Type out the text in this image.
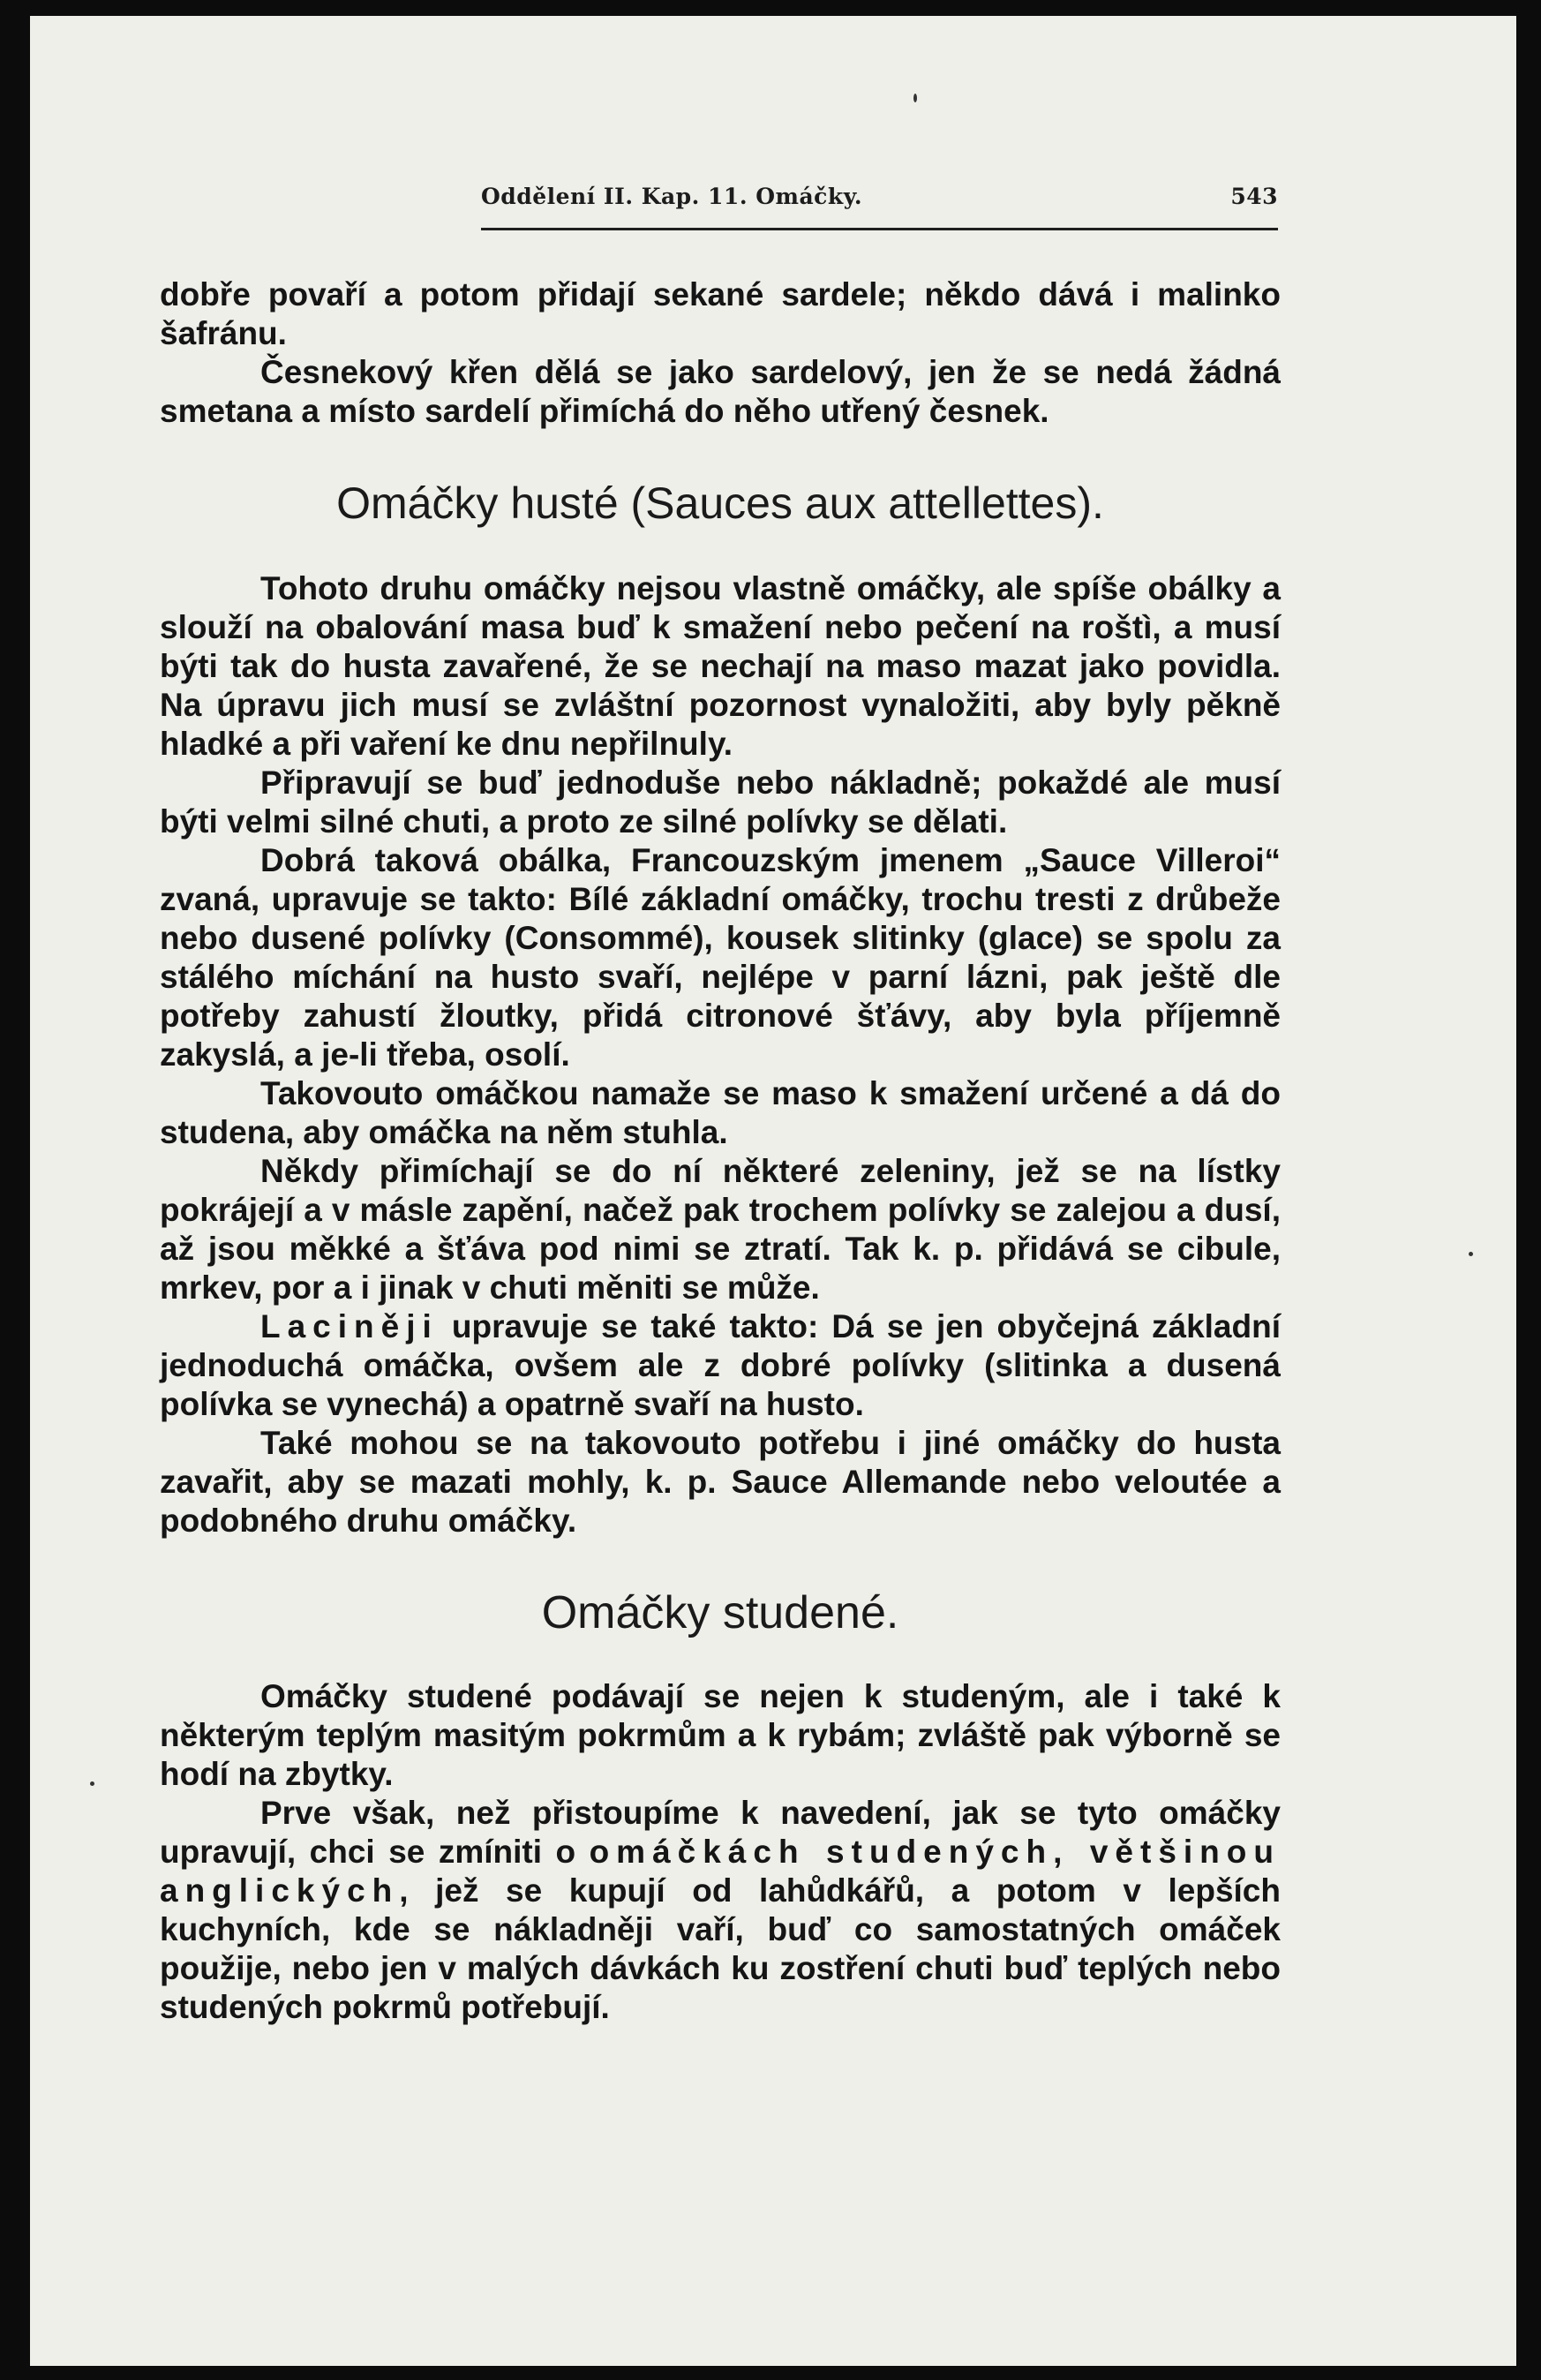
Oddělení II. Kap. 11. Omáčky.	543

dobře povaří a potom přidají sekané sardele; někdo dává i malinko šafránu.

Česnekový křen dělá se jako sardelový, jen že se nedá žádná smetana a místo sardelí přimíchá do něho utřený česnek.

Omáčky husté (Sauces aux attellettes).

Tohoto druhu omáčky nejsou vlastně omáčky, ale spíše obálky a slouží na obalování masa buď k smažení nebo pečení na roštì, a musí býti tak do husta zavařené, že se nechají na maso mazat jako povidla. Na úpravu jich musí se zvláštní pozornost vynaložiti, aby byly pěkně hladké a při vaření ke dnu nepřilnuly.

Připravují se buď jednoduše nebo nákladně; pokaždé ale musí býti velmi silné chuti, a proto ze silné polívky se dělati.

Dobrá taková obálka, Francouzským jmenem „Sauce Villeroi“ zvaná, upravuje se takto: Bílé základní omáčky, trochu tresti z drůbeže nebo dusené polívky (Consommé), kousek slitinky (glace) se spolu za stálého míchání na husto svaří, nejlépe v parní lázni, pak ještě dle potřeby zahustí žloutky, přidá citronové šťávy, aby byla příjemně zakyslá, a je-li třeba, osolí.

Takovouto omáčkou namaže se maso k smažení určené a dá do studena, aby omáčka na něm stuhla.

Někdy přimíchají se do ní některé zeleniny, jež se na lístky pokrájejí a v másle zapění, načež pak trochem polívky se zalejou a dusí, až jsou měkké a šťáva pod nimi se ztratí. Tak k. p. přidává se cibule, mrkev, por a i jinak v chuti měniti se může.

Laciněji upravuje se také takto: Dá se jen obyčejná základní jednoduchá omáčka, ovšem ale z dobré polívky (slitinka a dusená polívka se vynechá) a opatrně svaří na husto.

Také mohou se na takovouto potřebu i jiné omáčky do husta zavařit, aby se mazati mohly, k. p. Sauce Allemande nebo veloutée a podobného druhu omáčky.

Omáčky studené.

Omáčky studené podávají se nejen k studeným, ale i také k některým teplým masitým pokrmům a k rybám; zvláště pak výborně se hodí na zbytky.

Prve však, než přistoupíme k navedení, jak se tyto omáčky upravují, chci se zmíniti o omáčkách studených, většinou anglických, jež se kupují od lahůdkářů, a potom v lepších kuchyních, kde se nákladněji vaří, buď co samostatných omáček použije, nebo jen v malých dávkách ku zostření chuti buď teplých nebo studených pokrmů potřebují.
